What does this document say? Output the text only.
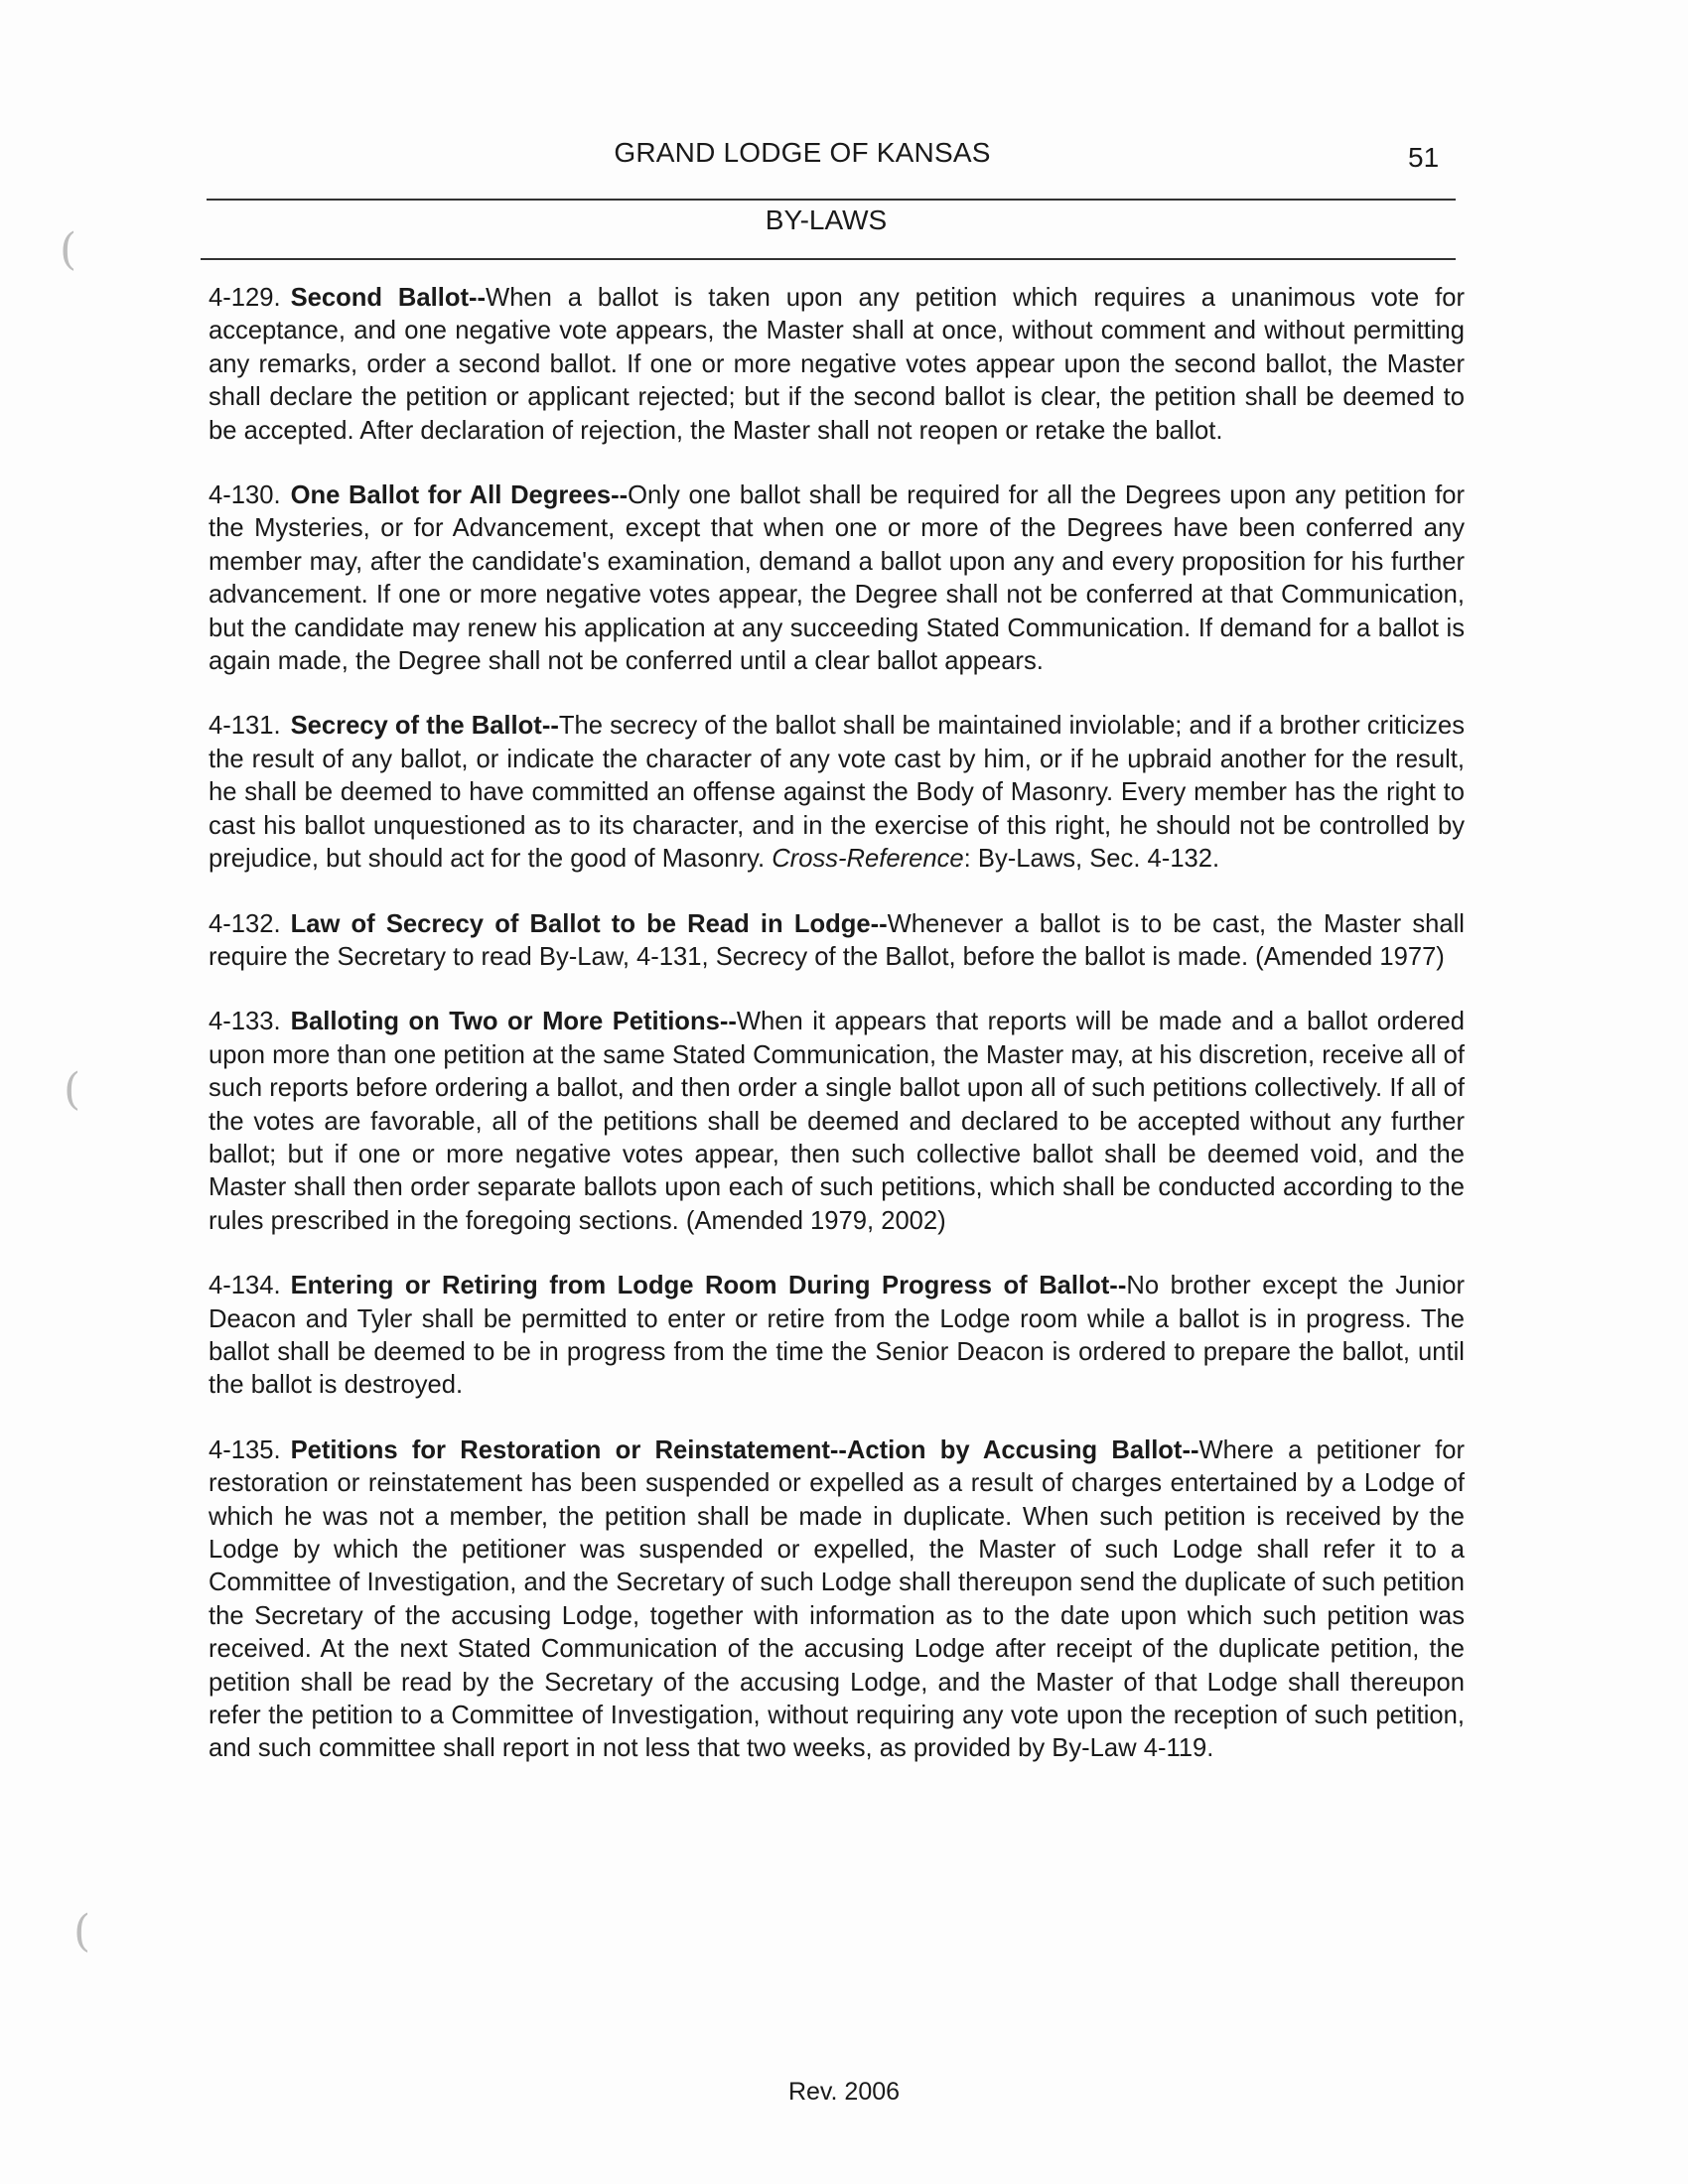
GRAND LODGE OF KANSAS	51
BY-LAWS
(
(
(

4-129. Second Ballot--When a ballot is taken upon any petition which requires a unanimous vote for acceptance, and one negative vote appears, the Master shall at once, without comment and without permitting any remarks, order a second ballot. If one or more negative votes appear upon the second ballot, the Master shall declare the petition or applicant rejected; but if the second ballot is clear, the petition shall be deemed to be accepted. After declaration of rejection, the Master shall not reopen or retake the ballot.

4-130. One Ballot for All Degrees--Only one ballot shall be required for all the Degrees upon any petition for the Mysteries, or for Advancement, except that when one or more of the Degrees have been conferred any member may, after the candidate's examination, demand a ballot upon any and every proposition for his further advancement. If one or more negative votes appear, the Degree shall not be conferred at that Communication, but the candidate may renew his application at any succeeding Stated Communication. If demand for a ballot is again made, the Degree shall not be conferred until a clear ballot appears.

4-131. Secrecy of the Ballot--The secrecy of the ballot shall be maintained inviolable; and if a brother criticizes the result of any ballot, or indicate the character of any vote cast by him, or if he upbraid another for the result, he shall be deemed to have committed an offense against the Body of Masonry. Every member has the right to cast his ballot unquestioned as to its character, and in the exercise of this right, he should not be controlled by prejudice, but should act for the good of Masonry. Cross-Reference: By-Laws, Sec. 4-132.

4-132. Law of Secrecy of Ballot to be Read in Lodge--Whenever a ballot is to be cast, the Master shall require the Secretary to read By-Law, 4-131, Secrecy of the Ballot, before the ballot is made. (Amended 1977)

4-133. Balloting on Two or More Petitions--When it appears that reports will be made and a ballot ordered upon more than one petition at the same Stated Communication, the Master may, at his discretion, receive all of such reports before ordering a ballot, and then order a single ballot upon all of such petitions collectively. If all of the votes are favorable, all of the petitions shall be deemed and declared to be accepted without any further ballot; but if one or more negative votes appear, then such collective ballot shall be deemed void, and the Master shall then order separate ballots upon each of such petitions, which shall be conducted according to the rules prescribed in the foregoing sections. (Amended 1979, 2002)

4-134. Entering or Retiring from Lodge Room During Progress of Ballot--No brother except the Junior Deacon and Tyler shall be permitted to enter or retire from the Lodge room while a ballot is in progress. The ballot shall be deemed to be in progress from the time the Senior Deacon is ordered to prepare the ballot, until the ballot is destroyed.

4-135. Petitions for Restoration or Reinstatement--Action by Accusing Ballot--Where a petitioner for restoration or reinstatement has been suspended or expelled as a result of charges entertained by a Lodge of which he was not a member, the petition shall be made in duplicate. When such petition is received by the Lodge by which the petitioner was suspended or expelled, the Master of such Lodge shall refer it to a Committee of Investigation, and the Secretary of such Lodge shall thereupon send the duplicate of such petition the Secretary of the accusing Lodge, together with information as to the date upon which such petition was received. At the next Stated Communication of the accusing Lodge after receipt of the duplicate petition, the petition shall be read by the Secretary of the accusing Lodge, and the Master of that Lodge shall thereupon refer the petition to a Committee of Investigation, without requiring any vote upon the reception of such petition, and such committee shall report in not less that two weeks, as provided by By-Law 4-119.

Rev. 2006
